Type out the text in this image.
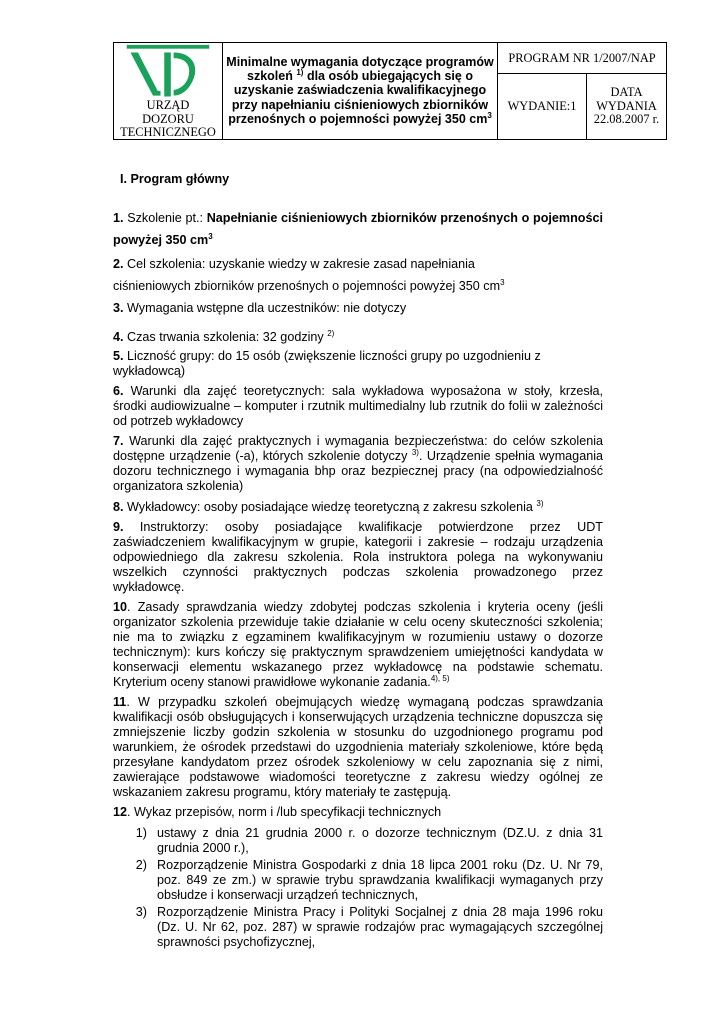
URZĄD
DOZORU
TECHNICZNEGO
Minimalne wymagania dotyczące programów
szkoleń $^{1)}$ dla osób ubiegających się o
uzyskanie zaświadczenia kwalifikacyjnego
przy napełnianiu ciśnieniowych zbiorników
przenośnych o pojemności powyżej 350 $cm^3$
PROGRAM NR 1/2007/NAP
WYDANIE:1
DATA
WYDANIA
22.08.2007 r.
I. Program główny

1. Szkolenie pt.: Napełnianie ciśnieniowych zbiorników przenośnych o pojemności powyżej 350 $cm^3$

2. Cel szkolenia: uzyskanie wiedzy w zakresie zasad napełniania
ciśnieniowych zbiorników przenośnych o pojemności powyżej 350 $cm^3$

3. Wymagania wstępne dla uczestników: nie dotyczy

4. Czas trwania szkolenia: 32 godziny $^{2)}$

5. Liczność grupy: do 15 osób (zwiększenie liczności grupy po uzgodnieniu z wykładowcą)

6. Warunki dla zajęć teoretycznych: sala wykładowa wyposażona w stoły, krzesła, środki audiowizualne – komputer i rzutnik multimedialny lub rzutnik do folii w zależności od potrzeb wykładowcy

7. Warunki dla zajęć praktycznych i wymagania bezpieczeństwa: do celów szkolenia dostępne urządzenie (-a), których szkolenie dotyczy $^{3)}$. Urządzenie spełnia wymagania dozoru technicznego i wymagania bhp oraz bezpiecznej pracy (na odpowiedzialność organizatora szkolenia)

8. Wykładowcy: osoby posiadające wiedzę teoretyczną z zakresu szkolenia $^{3)}$

9. Instruktorzy: osoby posiadające kwalifikacje potwierdzone przez UDT zaświadczeniem kwalifikacyjnym w grupie, kategorii i zakresie – rodzaju urządzenia odpowiedniego dla zakresu szkolenia. Rola instruktora polega na wykonywaniu wszelkich czynności praktycznych podczas szkolenia prowadzonego przez wykładowcę.

10. Zasady sprawdzania wiedzy zdobytej podczas szkolenia i kryteria oceny (jeśli organizator szkolenia przewiduje takie działanie w celu oceny skuteczności szkolenia; nie ma to związku z egzaminem kwalifikacyjnym w rozumieniu ustawy o dozorze technicznym): kurs kończy się praktycznym sprawdzeniem umiejętności kandydata w konserwacji elementu wskazanego przez wykładowcę na podstawie schematu. Kryterium oceny stanowi prawidłowe wykonanie zadania.$^{4), 5)}$

11. W przypadku szkoleń obejmujących wiedzę wymaganą podczas sprawdzania kwalifikacji osób obsługujących i konserwujących urządzenia techniczne dopuszcza się zmniejszenie liczby godzin szkolenia w stosunku do uzgodnionego programu pod warunkiem, że ośrodek przedstawi do uzgodnienia materiały szkoleniowe, które będą przesyłane kandydatom przez ośrodek szkoleniowy w celu zapoznania się z nimi, zawierające podstawowe wiadomości teoretyczne z zakresu wiedzy ogólnej ze wskazaniem zakresu programu, który materiały te zastępują.

12. Wykaz przepisów, norm i /lub specyfikacji technicznych

1) ustawy z dnia 21 grudnia 2000 r. o dozorze technicznym (DZ.U. z dnia 31 grudnia 2000 r.),
2) Rozporządzenie Ministra Gospodarki z dnia 18 lipca 2001 roku (Dz. U. Nr 79, poz. 849 ze zm.) w sprawie trybu sprawdzania kwalifikacji wymaganych przy obsłudze i konserwacji urządzeń technicznych,
3) Rozporządzenie Ministra Pracy i Polityki Socjalnej z dnia 28 maja 1996 roku (Dz. U. Nr 62, poz. 287) w sprawie rodzajów prac wymagających szczególnej sprawności psychofizycznej,
